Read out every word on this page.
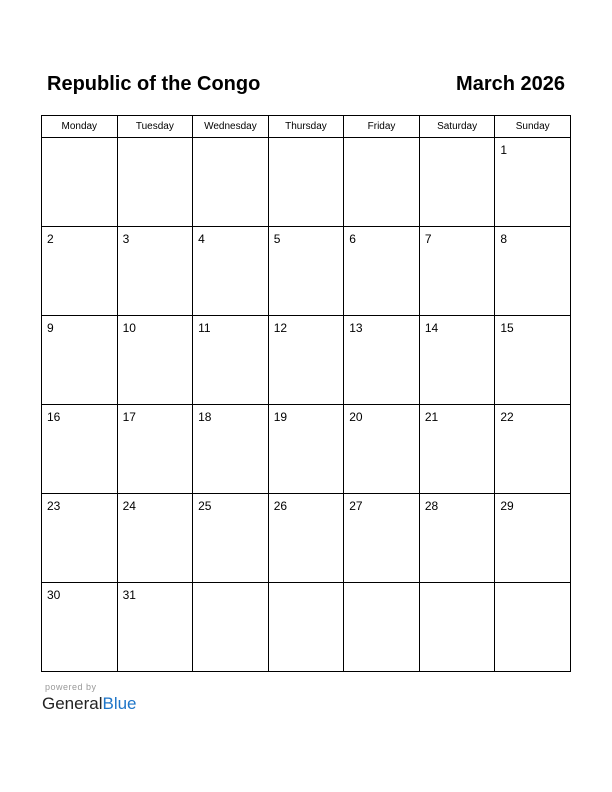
Republic of the Congo	March 2026
Monday	Tuesday	Wednesday	Thursday	Friday	Saturday	Sunday

						1

2	3	4	5	6	7	8

9	10	11	12	13	14	15

16	17	18	19	20	21	22

23	24	25	26	27	28	29

30	31					

powered by
GeneralBlue
